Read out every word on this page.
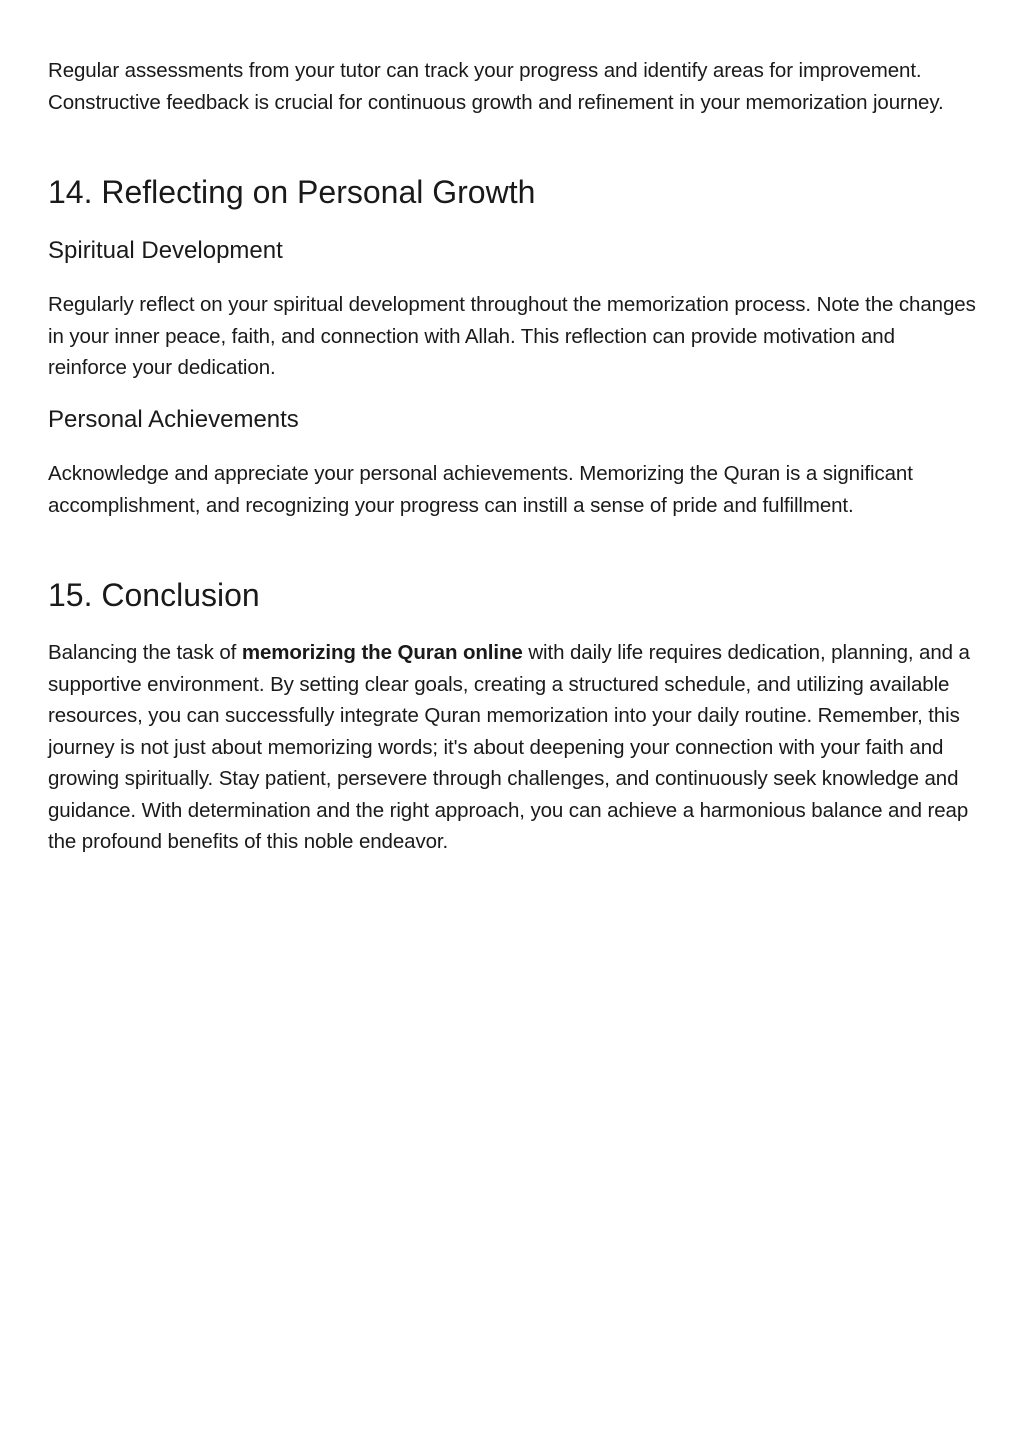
Regular assessments from your tutor can track your progress and identify areas for improvement. Constructive feedback is crucial for continuous growth and refinement in your memorization journey.

14. Reflecting on Personal Growth
Spiritual Development

Regularly reflect on your spiritual development throughout the memorization process. Note the changes in your inner peace, faith, and connection with Allah. This reflection can provide motivation and reinforce your dedication.

Personal Achievements

Acknowledge and appreciate your personal achievements. Memorizing the Quran is a significant accomplishment, and recognizing your progress can instill a sense of pride and fulfillment.

15. Conclusion

Balancing the task of memorizing the Quran online with daily life requires dedication, planning, and a supportive environment. By setting clear goals, creating a structured schedule, and utilizing available resources, you can successfully integrate Quran memorization into your daily routine. Remember, this journey is not just about memorizing words; it's about deepening your connection with your faith and growing spiritually. Stay patient, persevere through challenges, and continuously seek knowledge and guidance. With determination and the right approach, you can achieve a harmonious balance and reap the profound benefits of this noble endeavor.
